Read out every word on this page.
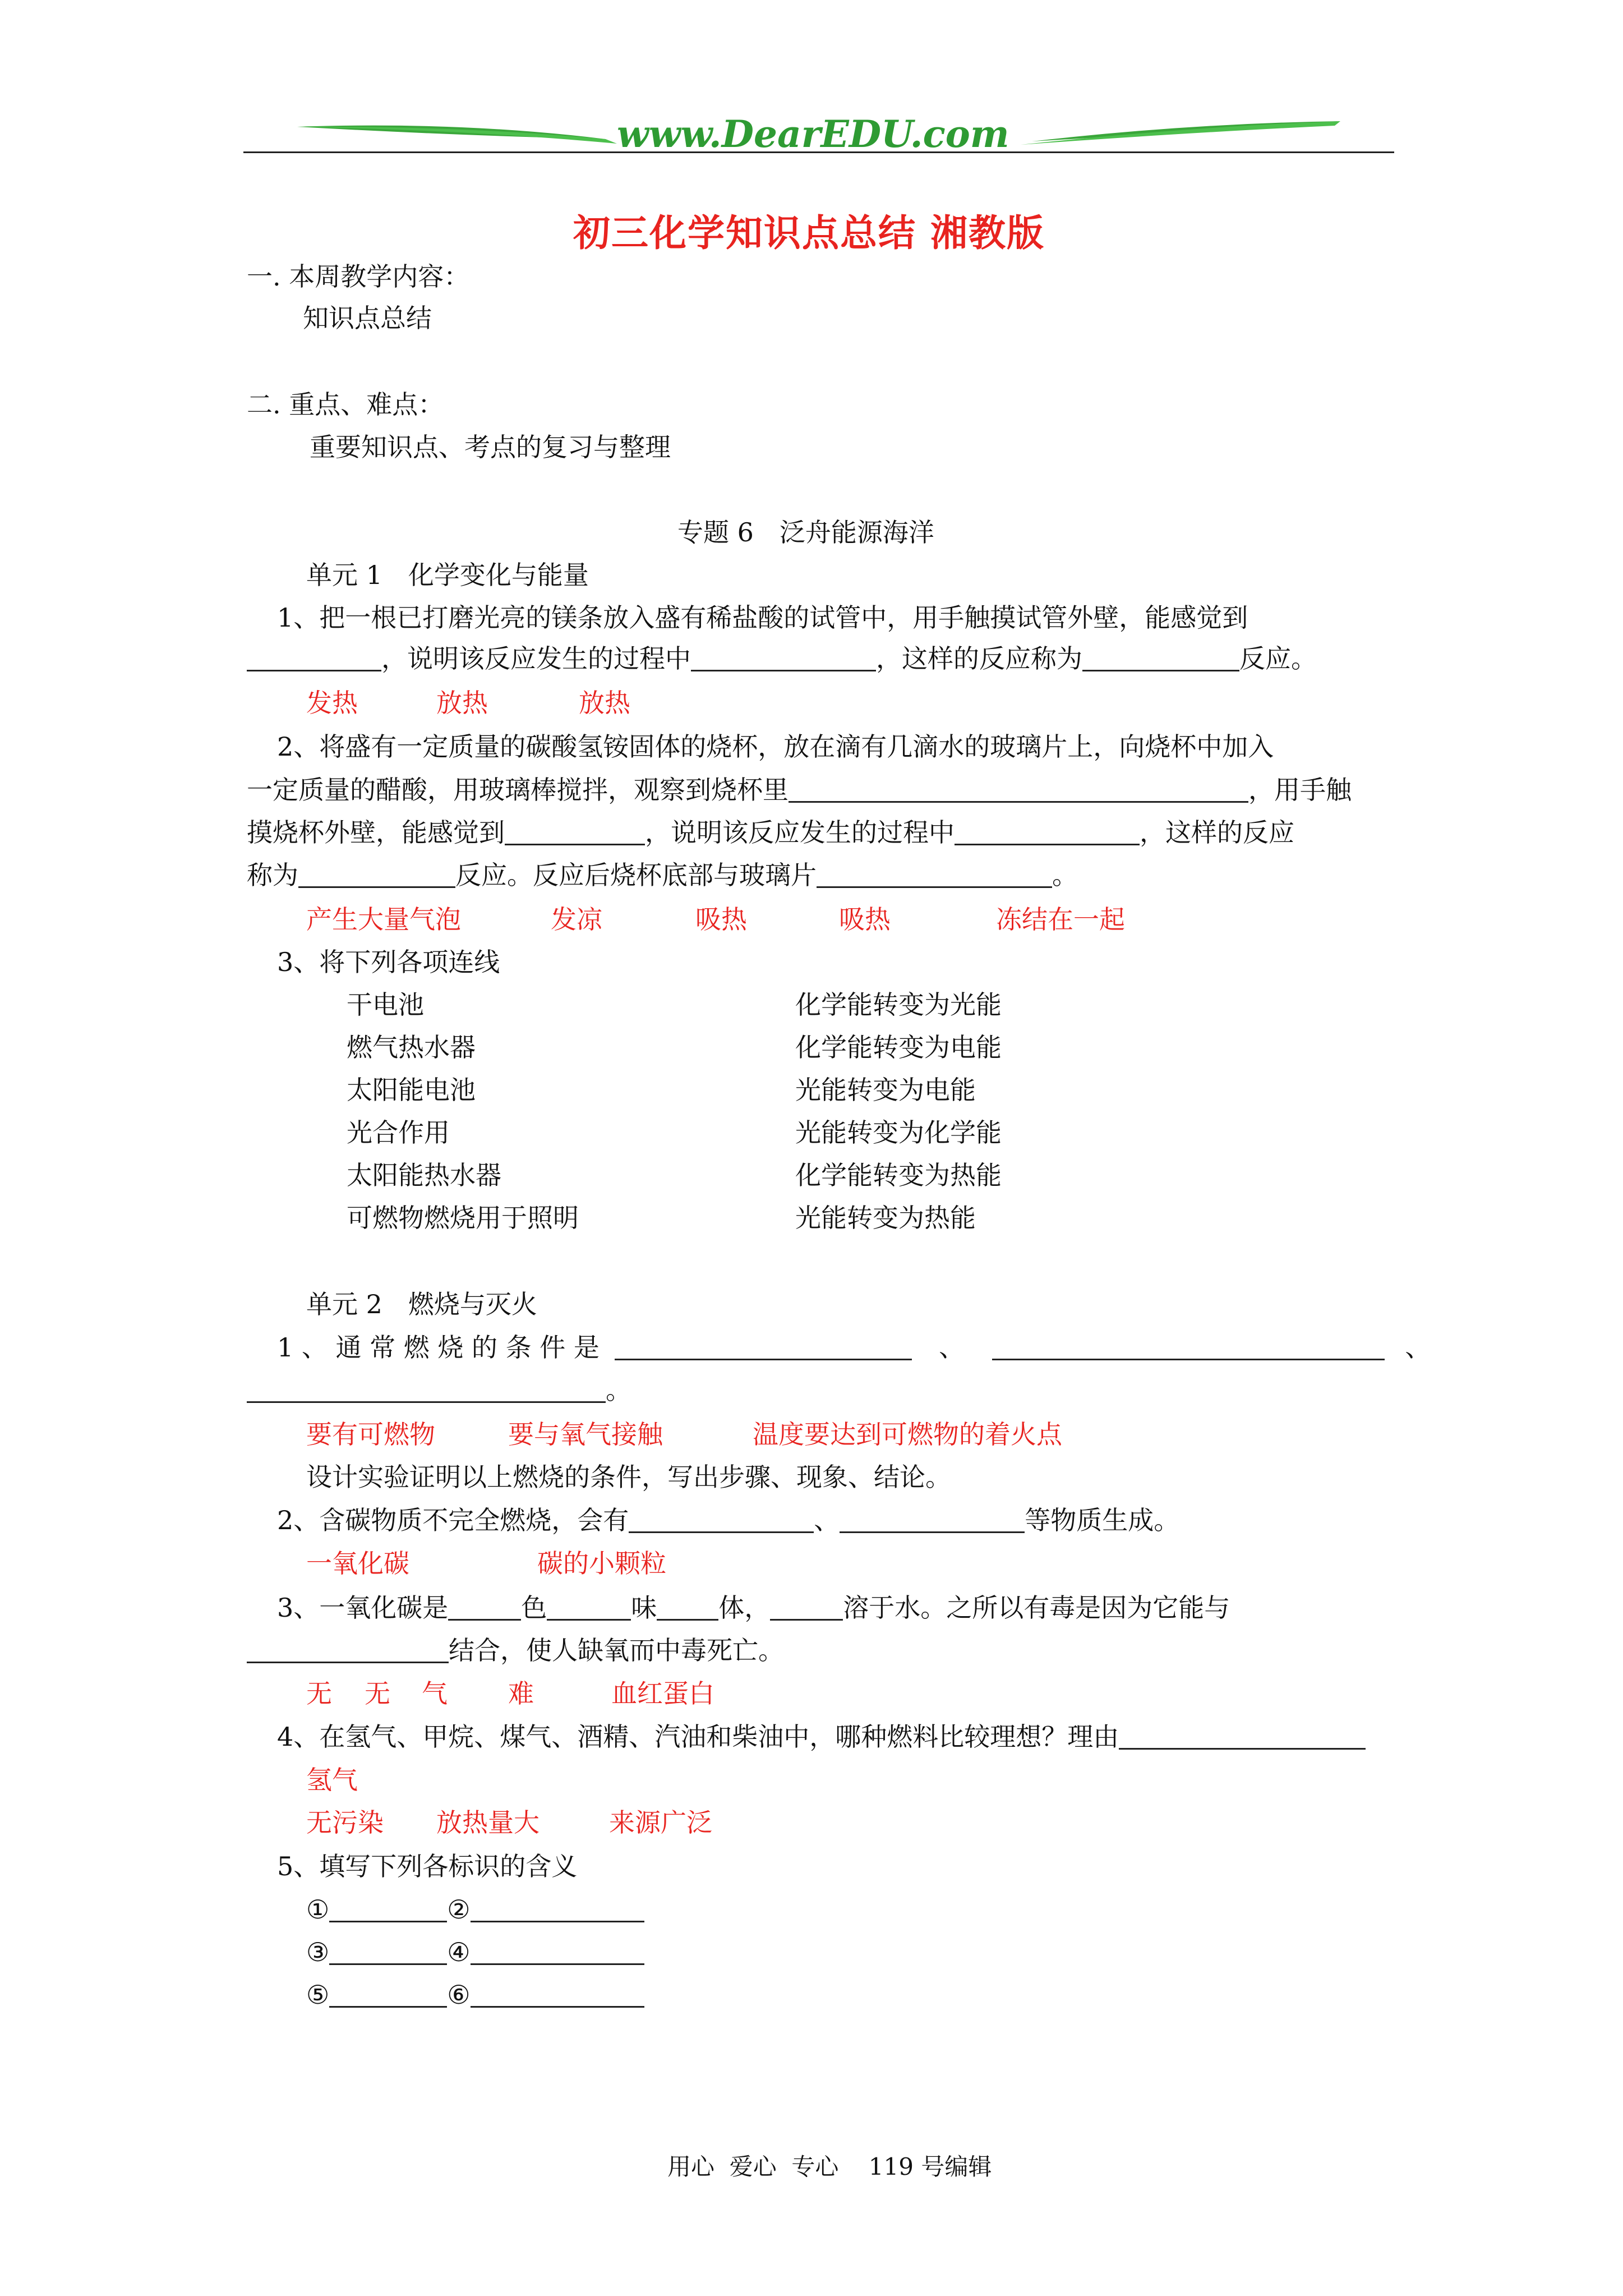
www.DearEDU.com
初三化学知识点总结 湘教版
一. 本周教学内容：
知识点总结
二. 重点、难点：
重要知识点、考点的复习与整理
专题 6　泛舟能源海洋
单元 1　化学变化与能量
1、把一根已打磨光亮的镁条放入盛有稀盐酸的试管中，用手触摸试管外壁，能感觉到
，说明该反应发生的过程中	，这样的反应称为	反应。
发热	放热	放热
2、将盛有一定质量的碳酸氢铵固体的烧杯，放在滴有几滴水的玻璃片上，向烧杯中加入
一定质量的醋酸，用玻璃棒搅拌，观察到烧杯里	，用手触
摸烧杯外壁，能感觉到	，说明该反应发生的过程中	，这样的反应
称为	反应。反应后烧杯底部与玻璃片	。
产生大量气泡	发凉	吸热	吸热	冻结在一起
3、将下列各项连线
干电池	化学能转变为光能
燃气热水器	化学能转变为电能
太阳能电池	光能转变为电能
光合作用	光能转变为化学能
太阳能热水器	化学能转变为热能
可燃物燃烧用于照明	光能转变为热能
单元 2　燃烧与灭火
1 、 通 常 燃 烧 的 条 件 是	、	、
。
要有可燃物	要与氧气接触	温度要达到可燃物的着火点
设计实验证明以上燃烧的条件，写出步骤、现象、结论。
2、含碳物质不完全燃烧，会有	、	等物质生成。
一氧化碳	碳的小颗粒
3、一氧化碳是	色	味 体，	溶于水。之所以有毒是因为它能与
结合，使人缺氧而中毒死亡。
无 无 气 难	血红蛋白
4、在氢气、甲烷、煤气、酒精、汽油和柴油中，哪种燃料比较理想？理由
氢气
无污染 放热量大	来源广泛
5、填写下列各标识的含义
①	②
③	④
⑤	⑥
用心  爱心  专心    119 号编辑
